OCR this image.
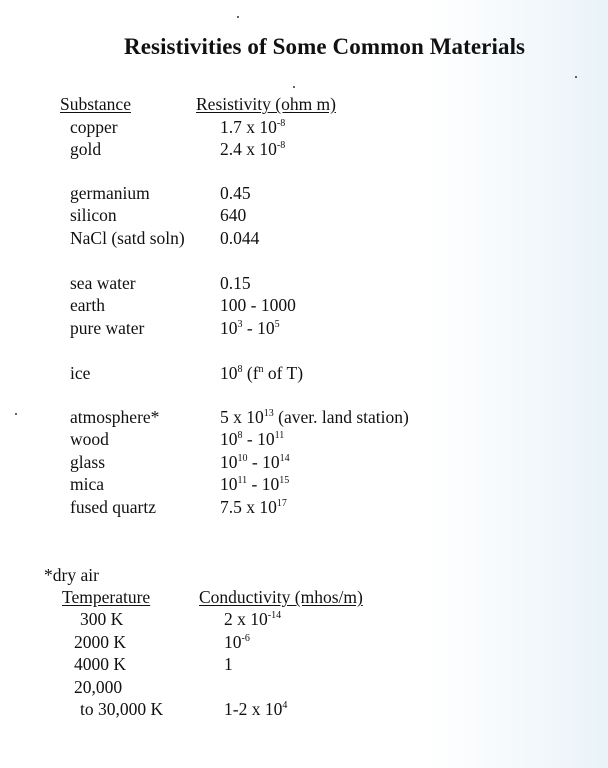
Resistivities of Some Common Materials
Substance	Resistivity (ohm m)
copper	1.7 x $10^{-8}$
gold	2.4 x $10^{-8}$
germanium	0.45
silicon	640
NaCl (satd soln) 0.044
sea water	0.15
earth	100 - 1000
pure water	$10^3 - 10^5$
ice	$10^8$ ($f^n$ of T)
atmosphere*	5 x $10^{13}$ (aver. land station)
wood	$10^8 - 10^{11}$
glass	$10^{10} - 10^{14}$
mica	$10^{11} - 10^{15}$
fused quartz	7.5 x $10^{17}$
*dry air
Temperature	Conductivity (mhos/m)
300 K	2 x $10^{-14}$
2000 K	$10^{-6}$
4000 K	1
20,000
to 30,000 K	1-2 x $10^4$
